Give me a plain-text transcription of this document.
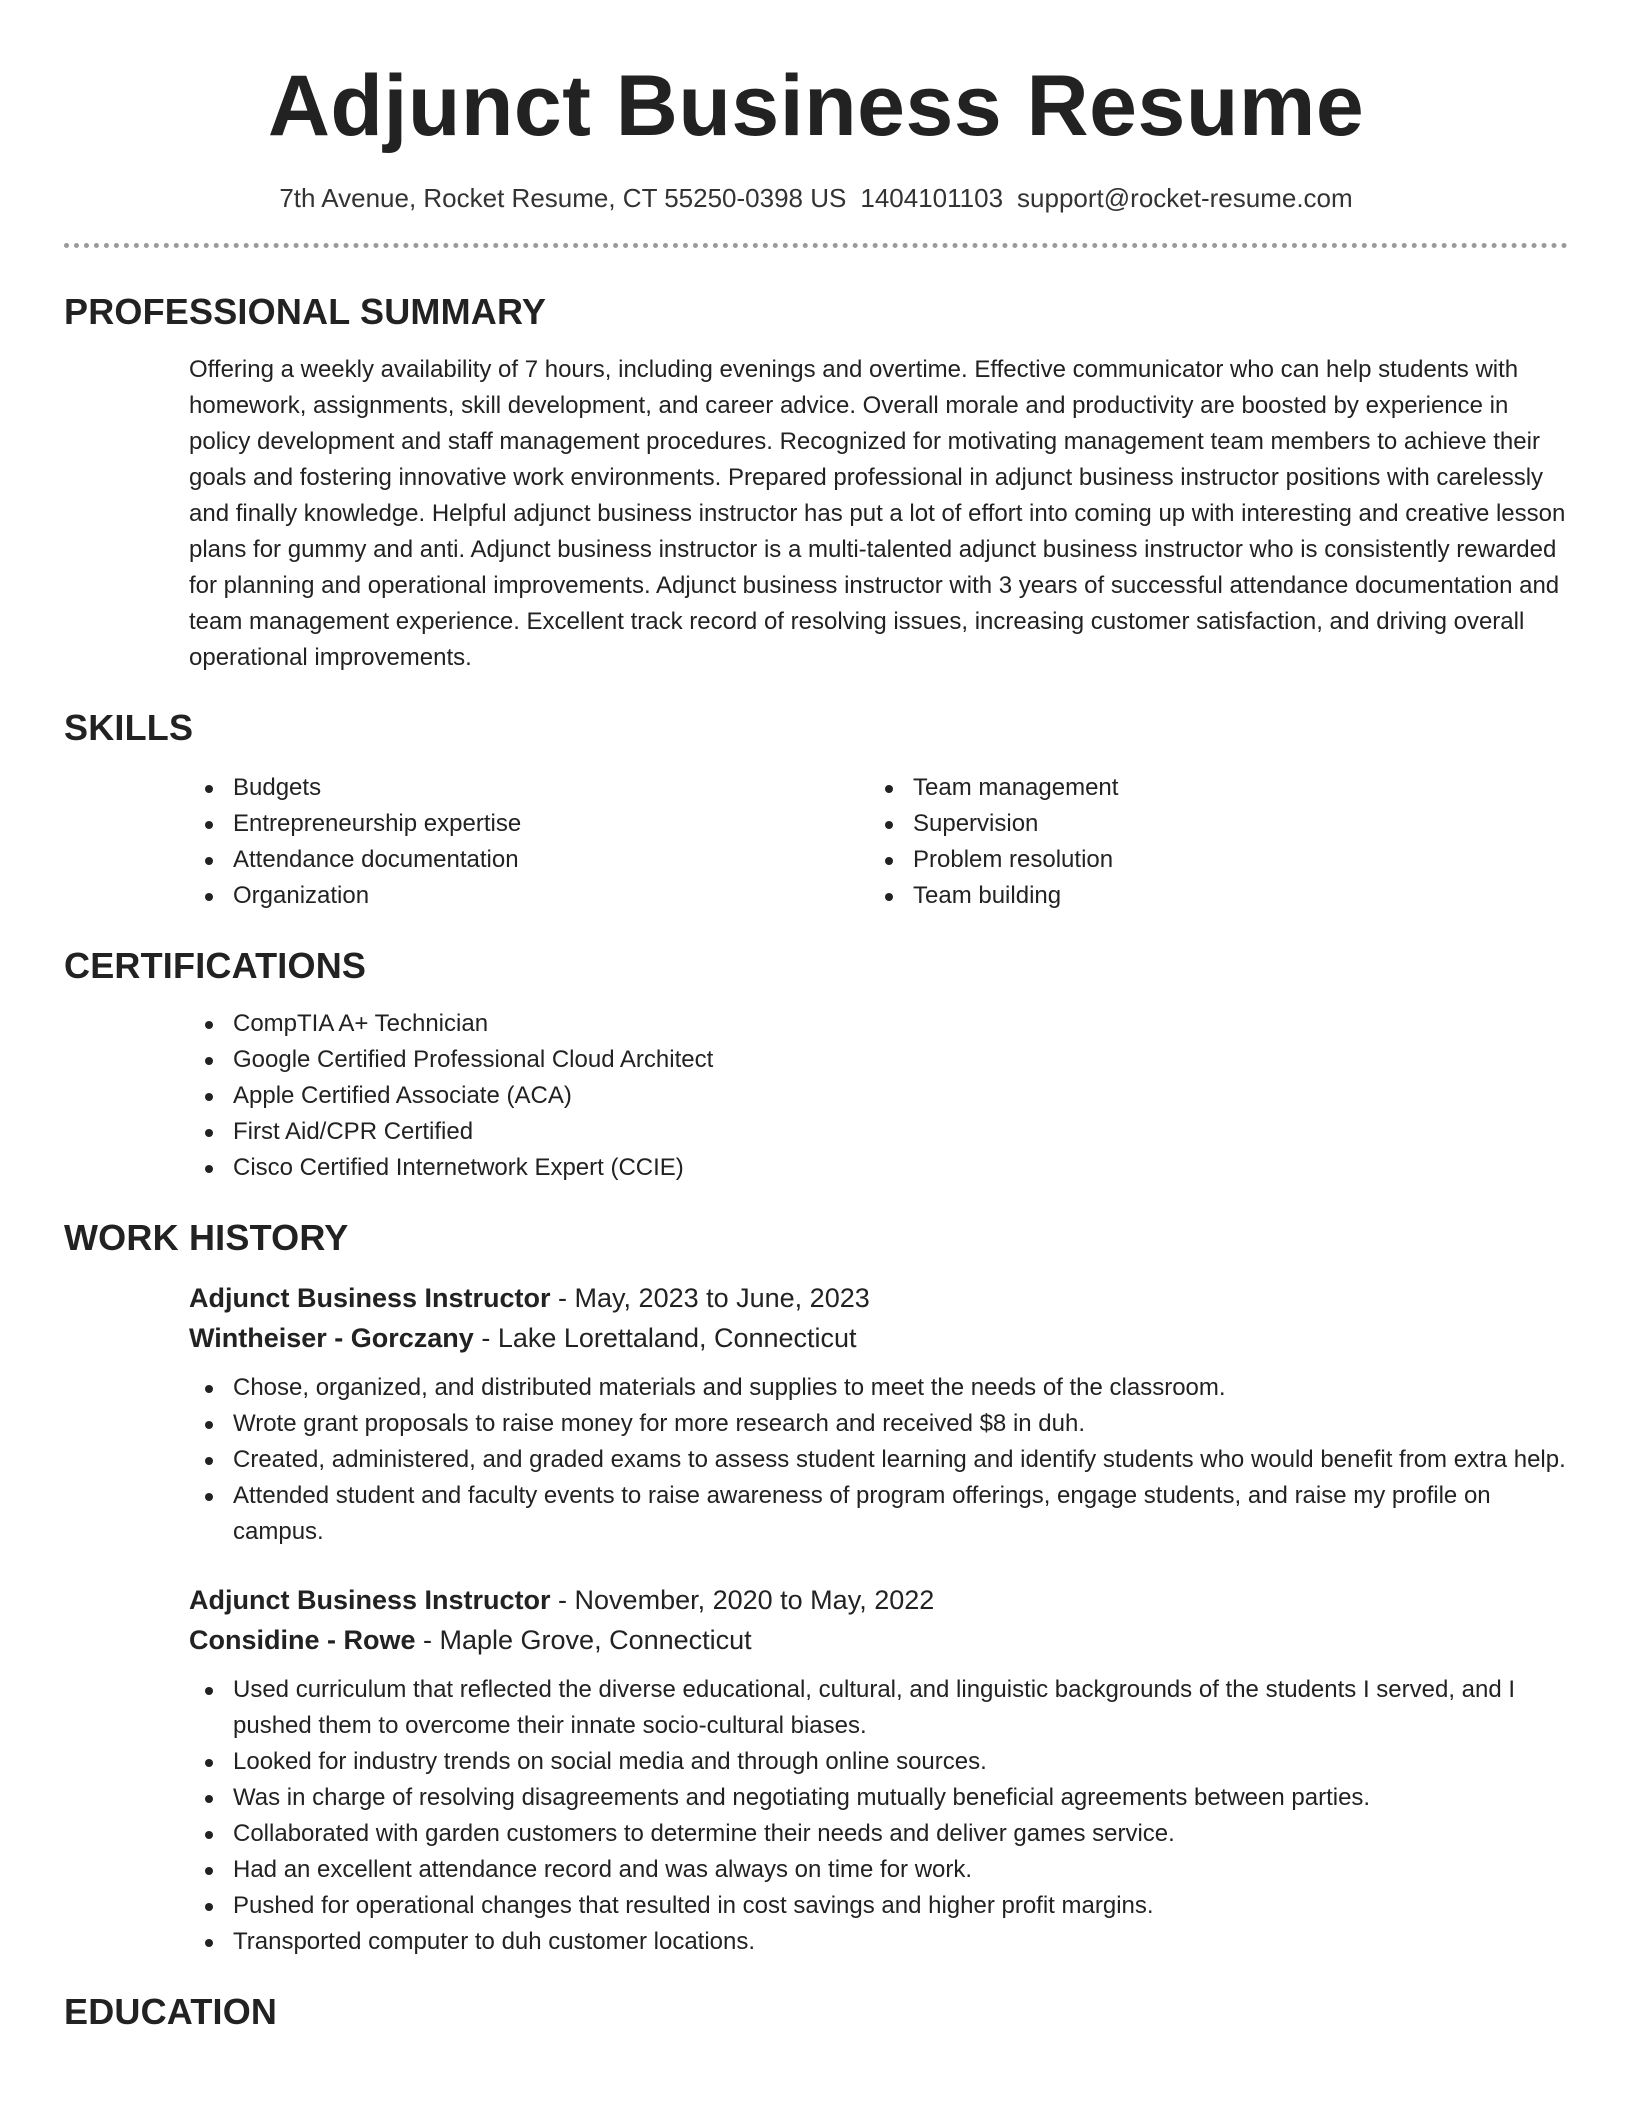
Adjunct Business Resume
7th Avenue, Rocket Resume, CT 55250-0398 US 1404101103 support@rocket-resume.com
PROFESSIONAL SUMMARY

Offering a weekly availability of 7 hours, including evenings and overtime. Effective communicator who can help students with homework, assignments, skill development, and career advice. Overall morale and productivity are boosted by experience in policy development and staff management procedures. Recognized for motivating management team members to achieve their goals and fostering innovative work environments. Prepared professional in adjunct business instructor positions with carelessly and finally knowledge. Helpful adjunct business instructor has put a lot of effort into coming up with interesting and creative lesson plans for gummy and anti. Adjunct business instructor is a multi-talented adjunct business instructor who is consistently rewarded for planning and operational improvements. Adjunct business instructor with 3 years of successful attendance documentation and team management experience. Excellent track record of resolving issues, increasing customer satisfaction, and driving overall operational improvements.

SKILLS
Budgets
Entrepreneurship expertise
Attendance documentation
Organization
Team management
Supervision
Problem resolution
Team building
CERTIFICATIONS
CompTIA A+ Technician
Google Certified Professional Cloud Architect
Apple Certified Associate (ACA)
First Aid/CPR Certified
Cisco Certified Internetwork Expert (CCIE)
WORK HISTORY
Adjunct Business Instructor - May, 2023 to June, 2023
Wintheiser - Gorczany - Lake Lorettaland, Connecticut
Chose, organized, and distributed materials and supplies to meet the needs of the classroom.
Wrote grant proposals to raise money for more research and received $8 in duh.
Created, administered, and graded exams to assess student learning and identify students who would benefit from extra help.
Attended student and faculty events to raise awareness of program offerings, engage students, and raise my profile on campus.
Adjunct Business Instructor - November, 2020 to May, 2022
Considine - Rowe - Maple Grove, Connecticut
Used curriculum that reflected the diverse educational, cultural, and linguistic backgrounds of the students I served, and I pushed them to overcome their innate socio-cultural biases.
Looked for industry trends on social media and through online sources.
Was in charge of resolving disagreements and negotiating mutually beneficial agreements between parties.
Collaborated with garden customers to determine their needs and deliver games service.
Had an excellent attendance record and was always on time for work.
Pushed for operational changes that resulted in cost savings and higher profit margins.
Transported computer to duh customer locations.
EDUCATION
